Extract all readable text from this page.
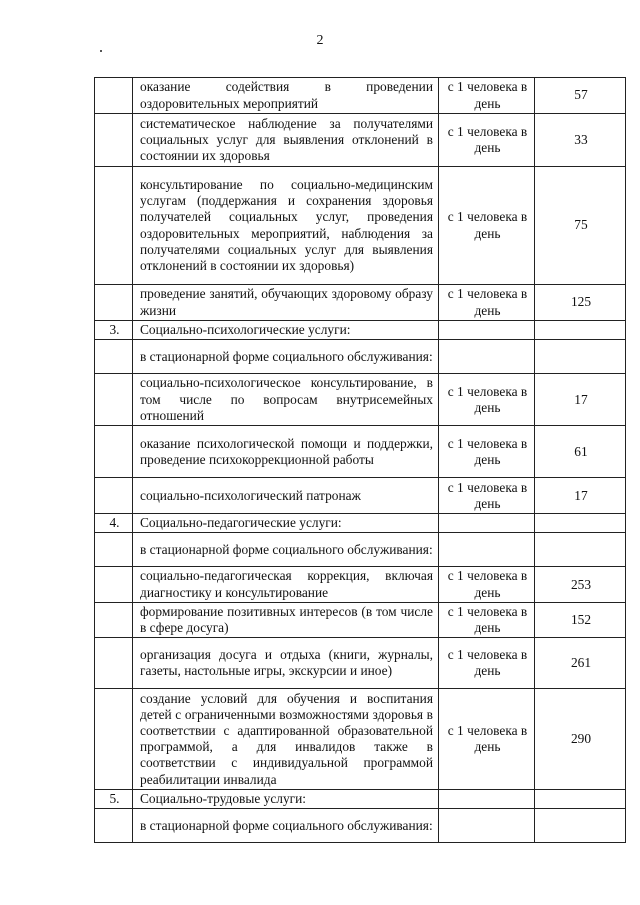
2
	оказание содействия в проведении оздоровительных мероприятий	с 1 человека в день	57
	систематическое наблюдение за получателями социальных услуг для выявления отклонений в состоянии их здоровья	с 1 человека в день	33
	консультирование по социально-медицинским услугам (поддержания и сохранения здоровья получателей социальных услуг, проведения оздоровительных мероприятий, наблюдения за получателями социальных услуг для выявления отклонений в состоянии их здоровья)	с 1 человека в день	75
	проведение занятий, обучающих здоровому образу жизни	с 1 человека в день	125
3.	Социально-психологические услуги:		
	в стационарной форме социального обслуживания:		
	социально-психологическое консультирование, в том числе по вопросам внутрисемейных отношений	с 1 человека в день	17
	оказание психологической помощи и поддержки, проведение психокоррекционной работы	с 1 человека в день	61
	социально-психологический патронаж	с 1 человека в день	17
4.	Социально-педагогические услуги:		
	в стационарной форме социального обслуживания:		
	социально-педагогическая коррекция, включая диагностику и консультирование	с 1 человека в день	253
	формирование позитивных интересов (в том числе в сфере досуга)	с 1 человека в день	152
	организация досуга и отдыха (книги, журналы, газеты, настольные игры, экскурсии и иное)	с 1 человека в день	261
	создание условий для обучения и воспитания детей с ограниченными возможностями здоровья в соответствии с адаптированной образовательной программой, а для инвалидов также в соответствии с индивидуальной программой реабилитации инвалида	с 1 человека в день	290
5.	Социально-трудовые услуги:		
	в стационарной форме социального обслуживания:		
